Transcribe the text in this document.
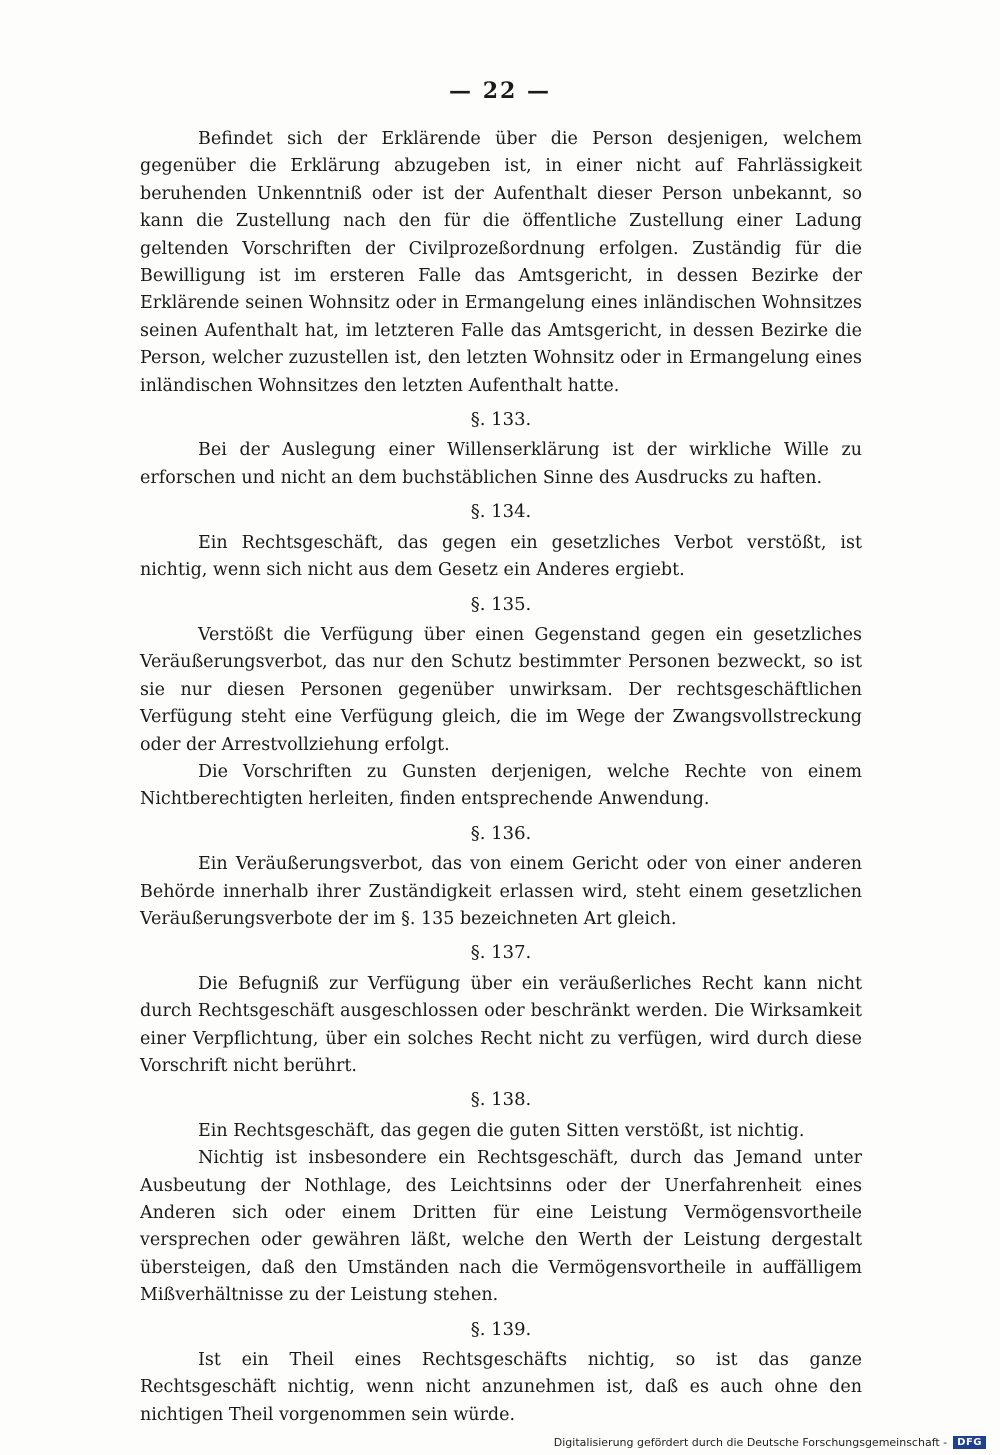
— 22 —

Befindet sich der Erklärende über die Person desjenigen, welchem gegenüber die Erklärung abzugeben ist, in einer nicht auf Fahrlässigkeit beruhenden Unkenntniß oder ist der Aufenthalt dieser Person unbekannt, so kann die Zustellung nach den für die öffentliche Zustellung einer Ladung geltenden Vorschriften der Civilprozeßordnung erfolgen. Zuständig für die Bewilligung ist im ersteren Falle das Amtsgericht, in dessen Bezirke der Erklärende seinen Wohnsitz oder in Ermangelung eines inländischen Wohnsitzes seinen Aufenthalt hat, im letzteren Falle das Amtsgericht, in dessen Bezirke die Person, welcher zuzustellen ist, den letzten Wohnsitz oder in Ermangelung eines inländischen Wohnsitzes den letzten Aufenthalt hatte.

§. 133.

Bei der Auslegung einer Willenserklärung ist der wirkliche Wille zu erforschen und nicht an dem buchstäblichen Sinne des Ausdrucks zu haften.

§. 134.

Ein Rechtsgeschäft, das gegen ein gesetzliches Verbot verstößt, ist nichtig, wenn sich nicht aus dem Gesetz ein Anderes ergiebt.

§. 135.

Verstößt die Verfügung über einen Gegenstand gegen ein gesetzliches Veräußerungsverbot, das nur den Schutz bestimmter Personen bezweckt, so ist sie nur diesen Personen gegenüber unwirksam. Der rechtsgeschäftlichen Verfügung steht eine Verfügung gleich, die im Wege der Zwangsvollstreckung oder der Arrestvollziehung erfolgt.

Die Vorschriften zu Gunsten derjenigen, welche Rechte von einem Nichtberechtigten herleiten, finden entsprechende Anwendung.

§. 136.

Ein Veräußerungsverbot, das von einem Gericht oder von einer anderen Behörde innerhalb ihrer Zuständigkeit erlassen wird, steht einem gesetzlichen Veräußerungsverbote der im §. 135 bezeichneten Art gleich.

§. 137.

Die Befugniß zur Verfügung über ein veräußerliches Recht kann nicht durch Rechtsgeschäft ausgeschlossen oder beschränkt werden. Die Wirksamkeit einer Verpflichtung, über ein solches Recht nicht zu verfügen, wird durch diese Vorschrift nicht berührt.

§. 138.

Ein Rechtsgeschäft, das gegen die guten Sitten verstößt, ist nichtig.

Nichtig ist insbesondere ein Rechtsgeschäft, durch das Jemand unter Ausbeutung der Nothlage, des Leichtsinns oder der Unerfahrenheit eines Anderen sich oder einem Dritten für eine Leistung Vermögensvortheile versprechen oder gewähren läßt, welche den Werth der Leistung dergestalt übersteigen, daß den Umständen nach die Vermögensvortheile in auffälligem Mißverhältnisse zu der Leistung stehen.

§. 139.

Ist ein Theil eines Rechtsgeschäfts nichtig, so ist das ganze Rechtsgeschäft nichtig, wenn nicht anzunehmen ist, daß es auch ohne den nichtigen Theil vorgenommen sein würde.

Digitalisierung gefördert durch die Deutsche Forschungsgemeinschaft -	DFG
